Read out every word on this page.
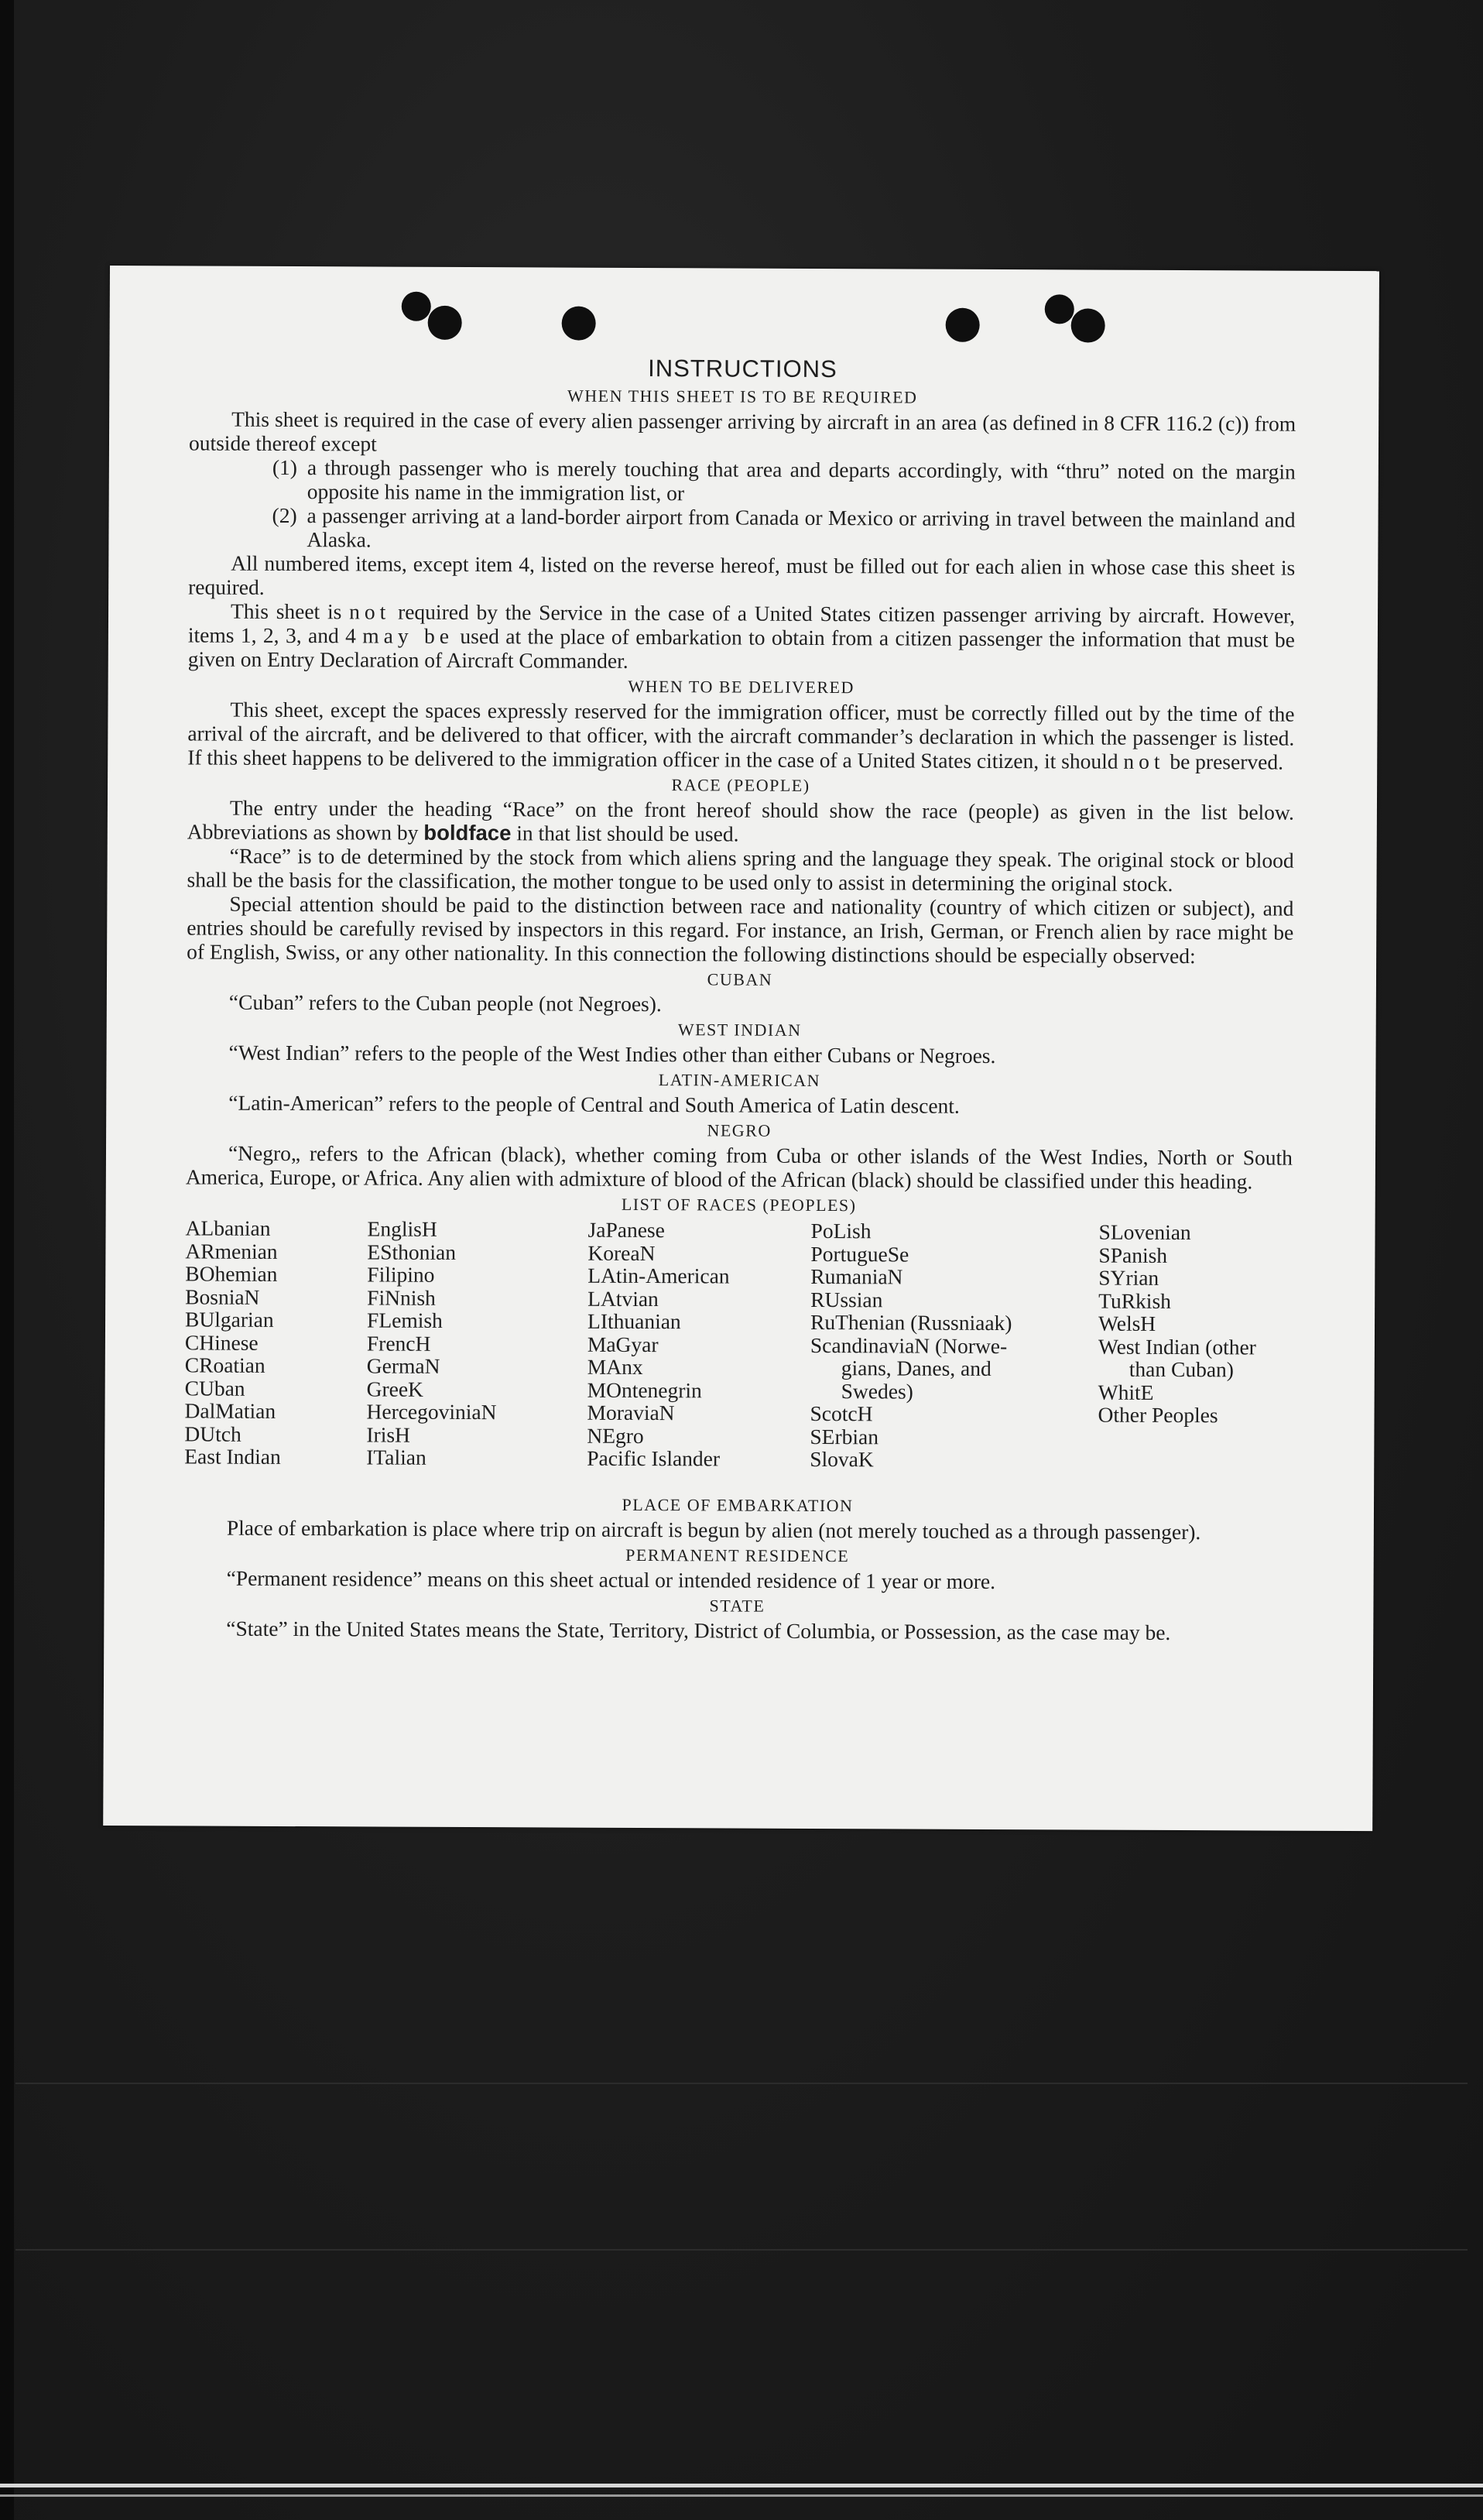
INSTRUCTIONS
WHEN THIS SHEET IS TO BE REQUIRED

This sheet is required in the case of every alien passenger arriving by aircraft in an area (as defined in 8 CFR 116.2 (c)) from outside thereof except

(1) a through passenger who is merely touching that area and departs accordingly, with “thru” noted on the margin opposite his name in the immigration list, or
(2) a passenger arriving at a land-border airport from Canada or Mexico or arriving in travel between the mainland and Alaska.

All numbered items, except item 4, listed on the reverse hereof, must be filled out for each alien in whose case this sheet is required.

This sheet is not required by the Service in the case of a United States citizen passenger arriving by aircraft. However, items 1, 2, 3, and 4 may be used at the place of embarkation to obtain from a citizen passenger the information that must be given on Entry Declaration of Aircraft Commander.

WHEN TO BE DELIVERED

This sheet, except the spaces expressly reserved for the immigration officer, must be correctly filled out by the time of the arrival of the aircraft, and be delivered to that officer, with the aircraft commander’s declaration in which the passenger is listed. If this sheet happens to be delivered to the immigration officer in the case of a United States citizen, it should not be preserved.

RACE (PEOPLE)

The entry under the heading “Race” on the front hereof should show the race (people) as given in the list below. Abbreviations as shown by boldface in that list should be used.

“Race” is to de determined by the stock from which aliens spring and the language they speak. The original stock or blood shall be the basis for the classification, the mother tongue to be used only to assist in determining the original stock.

Special attention should be paid to the distinction between race and nationality (country of which citizen or subject), and entries should be carefully revised by inspectors in this regard. For instance, an Irish, German, or French alien by race might be of English, Swiss, or any other nationality. In this connection the following distinctions should be especially observed:

CUBAN

“Cuban” refers to the Cuban people (not Negroes).

WEST INDIAN

“West Indian” refers to the people of the West Indies other than either Cubans or Negroes.

LATIN-AMERICAN

“Latin-American” refers to the people of Central and South America of Latin descent.

NEGRO

“Negro„ refers to the African (black), whether coming from Cuba or other islands of the West Indies, North or South America, Europe, or Africa. Any alien with admixture of blood of the African (black) should be classified under this heading.

LIST OF RACES (PEOPLES)
ALbanian
ARmenian
BOhemian
BosniaN
BUlgarian
CHinese
CRoatian
CUban
DalMatian
DUtch
East Indian
EnglisH
ESthonian
Filipino
FiNnish
FLemish
FrencH
GermaN
GreeK
HercegoviniaN
IrisH
ITalian
JaPanese
KoreaN
LAtin-American
LAtvian
LIthuanian
MaGyar
MAnx
MOntenegrin
MoraviaN
NEgro
Pacific Islander
PoLish
PortugueSe
RumaniaN
RUssian
RuThenian (Russniaak)
ScandinaviaN (Norwe-
gians, Danes, and
Swedes)
ScotcH
SErbian
SlovaK
SLovenian
SPanish
SYrian
TuRkish
WelsH
West Indian (other
than Cuban)
WhitE
Other Peoples
PLACE OF EMBARKATION

Place of embarkation is place where trip on aircraft is begun by alien (not merely touched as a through passenger).

PERMANENT RESIDENCE

“Permanent residence” means on this sheet actual or intended residence of 1 year or more.

STATE

“State” in the United States means the State, Territory, District of Columbia, or Possession, as the case may be.
